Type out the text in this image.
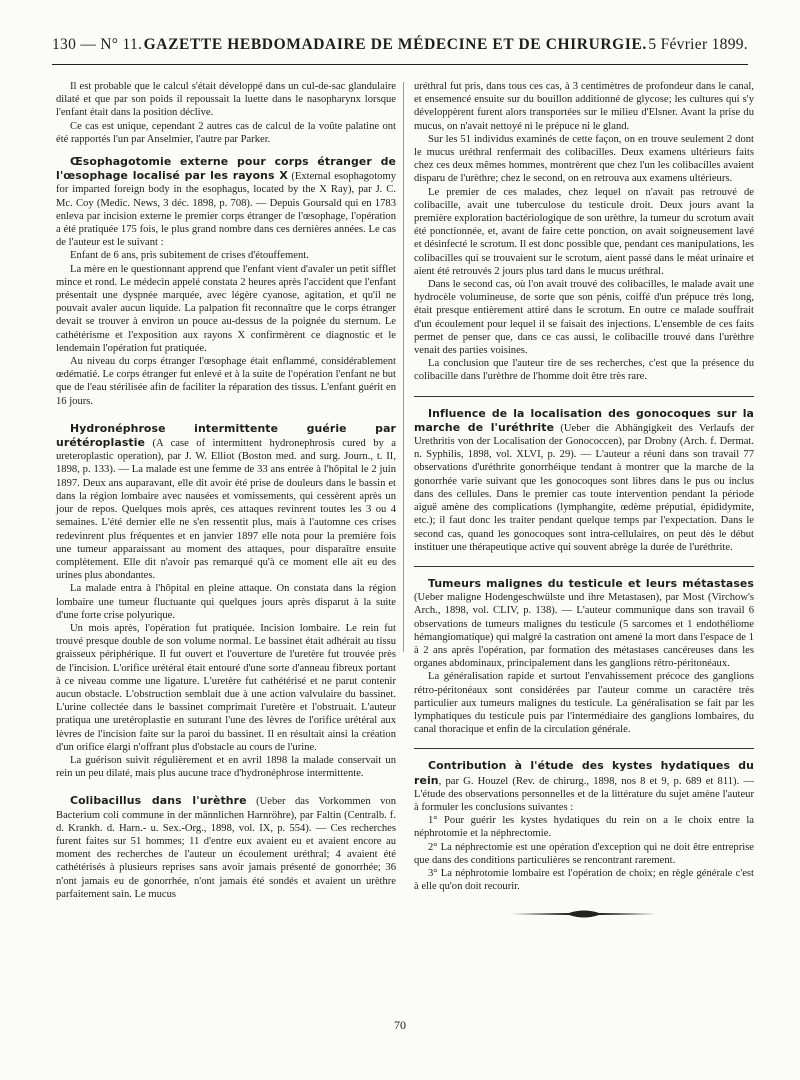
130 — N° 11. GAZETTE HEBDOMADAIRE DE MÉDECINE ET DE CHIRURGIE. 5 Février 1899.

Il est probable que le calcul s'était développé dans un cul-de-sac glandulaire dilaté et que par son poids il repoussait la luette dans le nasopharynx lorsque l'enfant était dans la position déclive.

Ce cas est unique, cependant 2 autres cas de calcul de la voûte palatine ont été rapportés l'un par Anselmier, l'autre par Parker.

Œsophagotomie externe pour corps étranger de l'œsophage localisé par les rayons X (External esophagotomy for imparted foreign body in the esophagus, located by the X Ray), par J. C. Mc. Coy (Medic. News, 3 déc. 1898, p. 708). — Depuis Goursald qui en 1783 enleva par incision externe le premier corps étranger de l'œsophage, l'opération a été pratiquée 175 fois, le plus grand nombre dans ces dernières années. Le cas de l'auteur est le suivant :

Enfant de 6 ans, pris subitement de crises d'étouffement.

La mère en le questionnant apprend que l'enfant vient d'avaler un petit sifflet mince et rond. Le médecin appelé constata 2 heures après l'accident que l'enfant présentait une dyspnée marquée, avec légère cyanose, agitation, et qu'il ne pouvait avaler aucun liquide. La palpation fit reconnaître que le corps étranger devait se trouver à environ un pouce au-dessus de la poignée du sternum. Le cathétérisme et l'exposition aux rayons X confirmèrent ce diagnostic et le lendemain l'opération fut pratiquée.

Au niveau du corps étranger l'œsophage était enflammé, considérablement œdématié. Le corps étranger fut enlevé et à la suite de l'opération l'enfant ne but que de l'eau stérilisée afin de faciliter la réparation des tissus. L'enfant guérit en 16 jours.

Hydronéphrose intermittente guérie par urétéroplastie (A case of intermittent hydronephrosis cured by a ureteroplastic operation), par J. W. Elliot (Boston med. and surg. Journ., t. II, 1898, p. 133). — La malade est une femme de 33 ans entrée à l'hôpital le 2 juin 1897. Deux ans auparavant, elle dit avoir été prise de douleurs dans le bassin et dans la région lombaire avec nausées et vomissements, qui cessèrent après un jour de repos. Quelques mois après, ces attaques revinrent toutes les 3 ou 4 semaines. L'été dernier elle ne s'en ressentit plus, mais à l'automne ces crises redevinrent plus fréquentes et en janvier 1897 elle nota pour la première fois une tumeur apparaissant au moment des attaques, pour disparaître ensuite complètement. Elle dit n'avoir pas remarqué qu'à ce moment elle ait eu des urines plus abondantes.

La malade entra à l'hôpital en pleine attaque. On constata dans la région lombaire une tumeur fluctuante qui quelques jours après disparut à la suite d'une forte crise polyurique.

Un mois après, l'opération fut pratiquée. Incision lombaire. Le rein fut trouvé presque double de son volume normal. Le bassinet était adhérait au tissu graisseux périphérique. Il fut ouvert et l'ouverture de l'uretère fut trouvée près de l'incision. L'orifice urétéral était entouré d'une sorte d'anneau fibreux portant à ce niveau comme une ligature. L'uretère fut cathétérisé et ne parut contenir aucun obstacle. L'obstruction semblait due à une action valvulaire du bassinet. L'urine collectée dans le bassinet comprimait l'uretère et l'obstruait. L'auteur pratiqua une uretéroplastie en suturant l'une des lèvres de l'orifice urétéral aux lèvres de l'incision faite sur la paroi du bassinet. Il en résultait ainsi la création d'un orifice élargi n'offrant plus d'obstacle au cours de l'urine.

La guérison suivit régulièrement et en avril 1898 la malade conservait un rein un peu dilaté, mais plus aucune trace d'hydronéphrose intermittente.

Colibacillus dans l'urèthre (Ueber das Vorkommen von Bacterium coli commune in der männlichen Harnröhre), par Faltin (Centralb. f. d. Krankh. d. Harn.- u. Sex.-Org., 1898, vol. IX, p. 554). — Ces recherches furent faites sur 51 hommes; 11 d'entre eux avaient eu et avaient encore au moment des recherches de l'auteur un écoulement uréthral; 4 avaient été cathétérisés à plusieurs reprises sans avoir jamais présenté de gonorrhée; 36 n'ont jamais eu de gonorrhée, n'ont jamais été sondés et avaient un urèthre parfaitement sain. Le mucus

uréthral fut pris, dans tous ces cas, à 3 centimètres de profondeur dans le canal, et ensemencé ensuite sur du bouillon additionné de glycose; les cultures qui s'y développèrent furent alors transportées sur le milieu d'Elsner. Avant la prise du mucus, on n'avait nettoyé ni le prépuce ni le gland.

Sur les 51 individus examinés de cette façon, on en trouve seulement 2 dont le mucus uréthral renfermait des colibacilles. Deux examens ultérieurs faits chez ces deux mêmes hommes, montrèrent que chez l'un les colibacilles avaient disparu de l'urèthre; chez le second, on en retrouva aux examens ultérieurs.

Le premier de ces malades, chez lequel on n'avait pas retrouvé de colibacille, avait une tuberculose du testicule droit. Deux jours avant la première exploration bactériologique de son urèthre, la tumeur du scrotum avait été ponctionnée, et, avant de faire cette ponction, on avait soigneusement lavé et désinfecté le scrotum. Il est donc possible que, pendant ces manipulations, les colibacilles qui se trouvaient sur le scrotum, aient passé dans le méat urinaire et aient été retrouvés 2 jours plus tard dans le mucus uréthral.

Dans le second cas, où l'on avait trouvé des colibacilles, le malade avait une hydrocèle volumineuse, de sorte que son pénis, coiffé d'un prépuce très long, était presque entièrement attiré dans le scrotum. En outre ce malade souffrait d'un écoulement pour lequel il se faisait des injections. L'ensemble de ces faits permet de penser que, dans ce cas aussi, le colibacille trouvé dans l'urèthre venait des parties voisines.

La conclusion que l'auteur tire de ses recherches, c'est que la présence du colibacille dans l'urèthre de l'homme doit être très rare.

Influence de la localisation des gonocoques sur la marche de l'uréthrite (Ueber die Abhängigkeit des Verlaufs der Urethritis von der Localisation der Gonococcen), par Drobny (Arch. f. Dermat. n. Syphilis, 1898, vol. XLVI, p. 29). — L'auteur a réuni dans son travail 77 observations d'uréthrite gonorrhéique tendant à montrer que la marche de la gonorrhée varie suivant que les gonocoques sont libres dans le pus ou inclus dans des cellules. Dans le premier cas toute intervention pendant la période aiguë amène des complications (lymphangite, œdème préputial, épididymite, etc.); il faut donc les traiter pendant quelque temps par l'expectation. Dans le second cas, quand les gonocoques sont intra-cellulaires, on peut dès le début instituer une thérapeutique active qui souvent abrège la durée de l'uréthrite.

Tumeurs malignes du testicule et leurs métastases (Ueber maligne Hodengeschwülste und ihre Metastasen), par Most (Virchow's Arch., 1898, vol. CLIV, p. 138). — L'auteur communique dans son travail 6 observations de tumeurs malignes du testicule (5 sarcomes et 1 endothéliome hémangiomatique) qui malgré la castration ont amené la mort dans l'espace de 1 à 2 ans après l'opération, par formation des métastases cancéreuses dans les organes abdominaux, principalement dans les ganglions rétro-péritonéaux.

La généralisation rapide et surtout l'envahissement précoce des ganglions rétro-péritonéaux sont considérées par l'auteur comme un caractère très particulier aux tumeurs malignes du testicule. La généralisation se fait par les lymphatiques du testicule puis par l'intermédiaire des ganglions lombaires, du canal thoracique et enfin de la circulation générale.

Contribution à l'étude des kystes hydatiques du rein, par G. Houzel (Rev. de chirurg., 1898, nos 8 et 9, p. 689 et 811). — L'étude des observations personnelles et de la littérature du sujet amène l'auteur à formuler les conclusions suivantes :

1° Pour guérir les kystes hydatiques du rein on a le choix entre la néphrotomie et la néphrectomie.

2° La néphrectomie est une opération d'exception qui ne doit être entreprise que dans des conditions particulières se rencontrant rarement.

3° La néphrotomie lombaire est l'opération de choix; en règle générale c'est à elle qu'on doit recourir.

70
